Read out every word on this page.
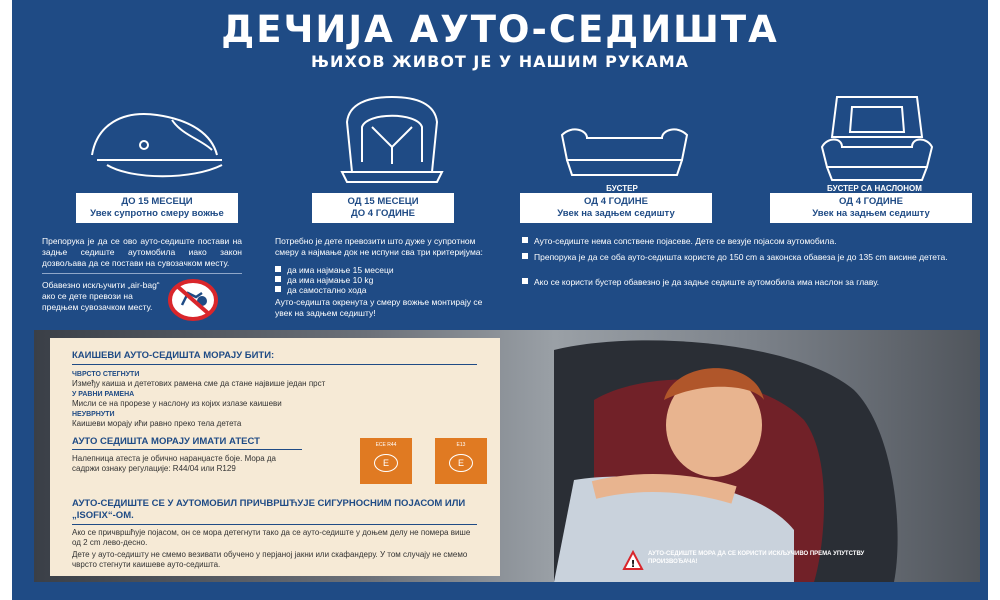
ДЕЧИЈА АУТО-СЕДИШТА
ЊИХОВ ЖИВОТ ЈЕ У НАШИМ РУКАМА
БУСТЕР	БУСТЕР СА НАСЛОНОМ
ДО 15 МЕСЕЦИ
Увек супротно смеру вожње
ОД 15 МЕСЕЦИ
ДО 4 ГОДИНЕ
ОД 4 ГОДИНЕ
Увек на задњем седишту
ОД 4 ГОДИНЕ
Увек на задњем седишту
Препорука је да се ово ауто-седиште постави на задње седиште аутомобила иако закон дозвољава да се постави на сувозачком месту.
Обавезно искључити „air-bag“ ако се дете превози на предњем сувозачком месту.
Потребно је дете превозити што дуже у супротном смеру а најмање док не испуни сва три критеријума:
да има најмање 15 месеци
да има најмање 10 kg
да самостално хода
Ауто-седишта окренута у смеру вожње монтирају се увек на задњем седишту!
Ауто-седиште нема сопствене појасеве. Дете се везује појасом аутомобила.
Препорука је да се оба ауто-седишта користе до 150 cm а законска обавеза је до 135 cm висине детета.
Ако се користи бустер обавезно је да задње седиште аутомобила има наслон за главу.
КАИШЕВИ АУТО-СЕДИШТА МОРАЈУ БИТИ:
ЧВРСТО СТЕГНУТИ
Између каиша и дететових рамена сме да стане највише један прст
У РАВНИ РАМЕНА
Мисли се на прорезе у наслону из којих излазе каишеви
НЕУВРНУТИ
Каишеви морају ићи равно преко тела детета
АУТО СЕДИШТА МОРАЈУ ИМАТИ АТЕСТ
Налепница атеста је обично наранџасте боје. Мора да садржи ознаку регулације: R44/04 или R129
ECE R44
E
E13
E
АУТО-СЕДИШТЕ СЕ У АУТОМОБИЛ ПРИЧВРШЋУЈЕ СИГУРНОСНИМ ПОЈАСОМ ИЛИ „ISOFIX“-ОМ.
Ако се причвршћује појасом, он се мора детегнути тако да се ауто-седиште у доњем делу не помера више од 2 cm лево-десно.
Дете у ауто-седишту не смемо везивати обучено у перјаној јакни или скафандеру. У том случају не смемо чврсто стегнути каишеве ауто-седишта.	!
АУТО-СЕДИШТЕ МОРА ДА СЕ КОРИСТИ ИСКЉУЧИВО ПРЕМА УПУТСТВУ ПРОИЗВОЂАЧА!
